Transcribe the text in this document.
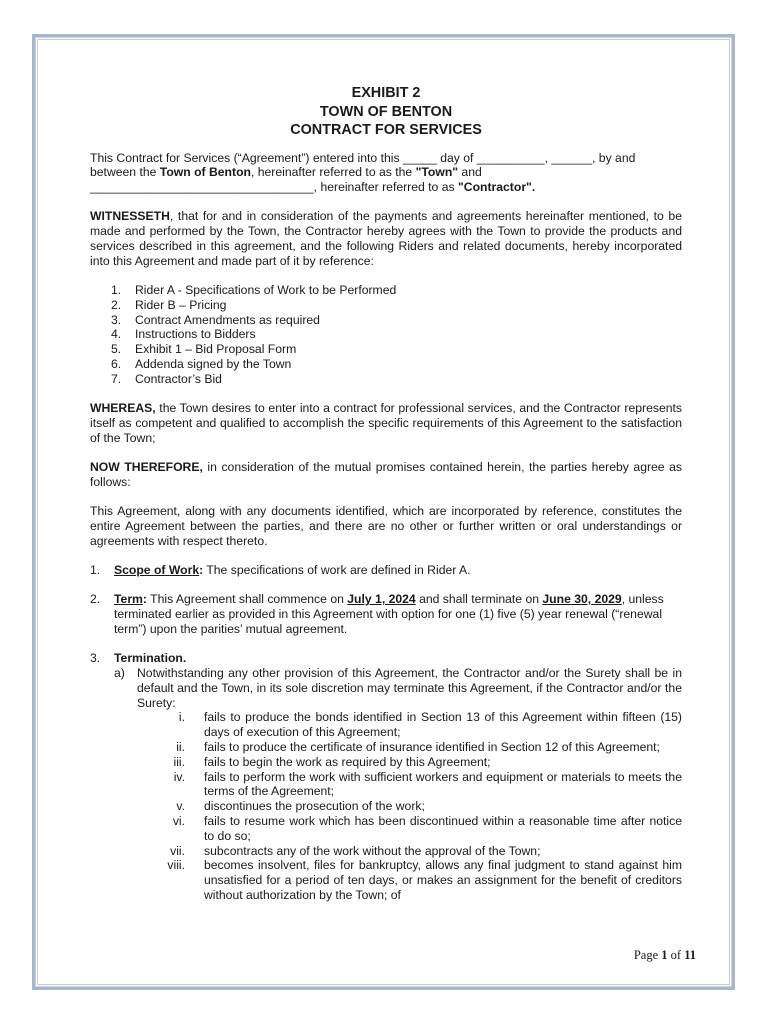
EXHIBIT 2

TOWN OF BENTON

CONTRACT FOR SERVICES

This Contract for Services (“Agreement”) entered into this _____ day of __________, ______, by and between the Town of Benton, hereinafter referred to as the "Town" and _________________________________, hereinafter referred to as "Contractor".

WITNESSETH, that for and in consideration of the payments and agreements hereinafter mentioned, to be made and performed by the Town, the Contractor hereby agrees with the Town to provide the products and services described in this agreement, and the following Riders and related documents, hereby incorporated into this Agreement and made part of it by reference:

1.	Rider A - Specifications of Work to be Performed
2.	Rider B – Pricing
3.	Contract Amendments as required
4.	Instructions to Bidders
5.	Exhibit 1 – Bid Proposal Form
6.	Addenda signed by the Town
7.	Contractor’s Bid

WHEREAS, the Town desires to enter into a contract for professional services, and the Contractor represents itself as competent and qualified to accomplish the specific requirements of this Agreement to the satisfaction of the Town;

NOW THEREFORE, in consideration of the mutual promises contained herein, the parties hereby agree as follows:

This Agreement, along with any documents identified, which are incorporated by reference, constitutes the entire Agreement between the parties, and there are no other or further written or oral understandings or agreements with respect thereto.

1. Scope of Work: The specifications of work are defined in Rider A.
2. Term: This Agreement shall commence on July 1, 2024 and shall terminate on June 30, 2029, unless terminated earlier as provided in this Agreement with option for one (1) five (5) year renewal (“renewal term”) upon the parities’ mutual agreement.
3. Termination.
a) Notwithstanding any other provision of this Agreement, the Contractor and/or the Surety shall be in default and the Town, in its sole discretion may terminate this Agreement, if the Contractor and/or the Surety:
i. fails to produce the bonds identified in Section 13 of this Agreement within fifteen (15) days of execution of this Agreement;
ii. fails to produce the certificate of insurance identified in Section 12 of this Agreement;
iii. fails to begin the work as required by this Agreement;
iv. fails to perform the work with sufficient workers and equipment or materials to meets the terms of the Agreement;
v. discontinues the prosecution of the work;
vi. fails to resume work which has been discontinued within a reasonable time after notice to do so;
vii. subcontracts any of the work without the approval of the Town;
viii. becomes insolvent, files for bankruptcy, allows any final judgment to stand against him unsatisfied for a period of ten days, or makes an assignment for the benefit of creditors without authorization by the Town; of
Page 1 of 11
